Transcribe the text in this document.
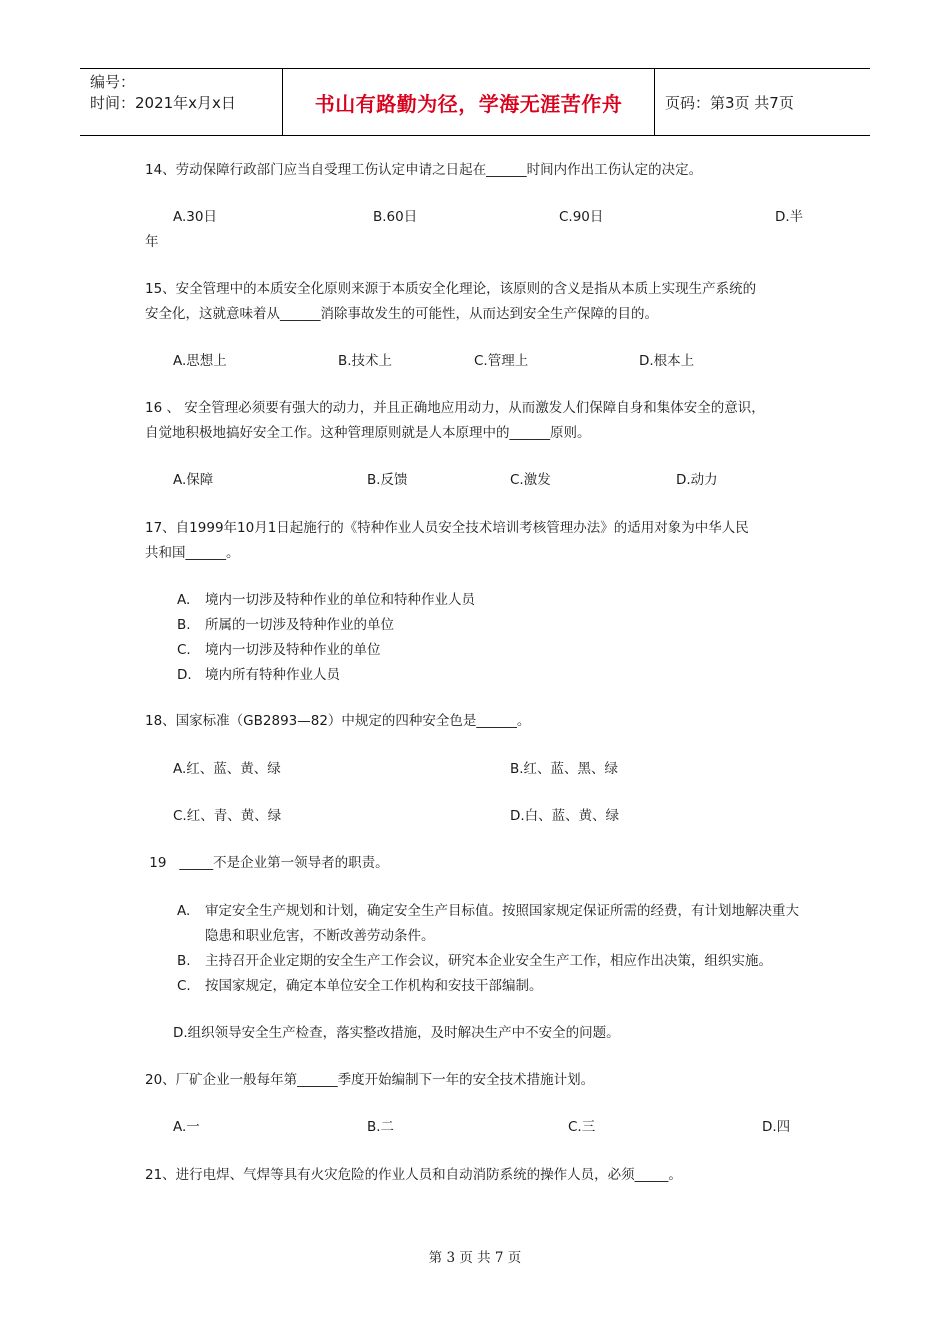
编号：
时间：2021年x月x日	书山有路勤为径，学海无涯苦作舟	页码：第3页 共7页
14、劳动保障行政部门应当自受理工伤认定申请之日起在______时间内作出工伤认定的决定。
A.30日	B.60日	C.90日	D.半
年
15、安全管理中的本质安全化原则来源于本质安全化理论，该原则的含义是指从本质上实现生产系统的
安全化，这就意味着从______消除事故发生的可能性，从而达到安全生产保障的目的。
A.思想上	B.技术上	C.管理上	D.根本上
16 、 安全管理必须要有强大的动力，并且正确地应用动力，从而激发人们保障自身和集体安全的意识，
自觉地积极地搞好安全工作。这种管理原则就是人本原理中的______原则。
A.保障	B.反馈	C.激发	D.动力
17、自1999年10月1日起施行的《特种作业人员安全技术培训考核管理办法》的适用对象为中华人民
共和国______。
A.	境内一切涉及特种作业的单位和特种作业人员
B.	所属的一切涉及特种作业的单位
C.	境内一切涉及特种作业的单位
D. 境内所有特种作业人员
18、国家标准（GB2893—82）中规定的四种安全色是______。
A.红、蓝、黄、绿	B.红、蓝、黑、绿
C.红、青、黄、绿	D.白、蓝、黄、绿
19   _____不是企业第一领导者的职责。
A.	审定安全生产规划和计划，确定安全生产目标值。按照国家规定保证所需的经费，有计划地解决重大隐患和职业危害，不断改善劳动条件。
B.	主持召开企业定期的安全生产工作会议，研究本企业安全生产工作，相应作出决策，组织实施。
C.	按国家规定，确定本单位安全工作机构和安技干部编制。
D.组织领导安全生产检查，落实整改措施，及时解决生产中不安全的问题。
20、厂矿企业一般每年第______季度开始编制下一年的安全技术措施计划。
A.一	B.二	C.三	D.四
21、进行电焊、气焊等具有火灾危险的作业人员和自动消防系统的操作人员，必须_____。
第 3 页 共 7 页
